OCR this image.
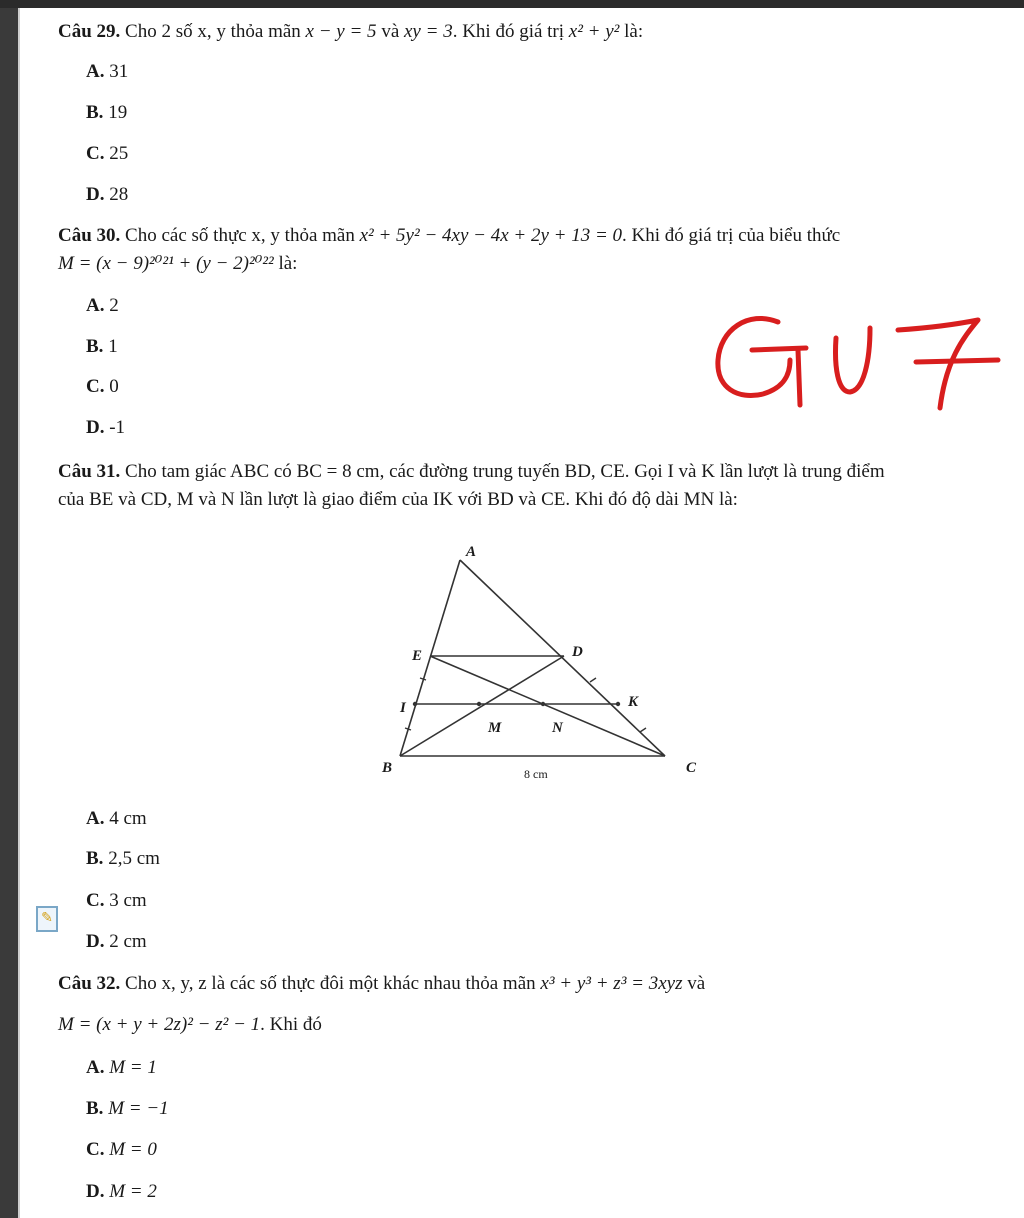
Câu 29. Cho 2 số x, y thỏa mãn x − y = 5 và xy = 3. Khi đó giá trị x² + y² là:
A. 31
B. 19
C. 25
D. 28
Câu 30. Cho các số thực x, y thỏa mãn x² + 5y² − 4xy − 4x + 2y + 13 = 0. Khi đó giá trị của biểu thức
M = (x − 9)²⁰²¹ + (y − 2)²⁰²² là:
A. 2
B. 1
C. 0
D. -1
Câu 31. Cho tam giác ABC có BC = 8 cm, các đường trung tuyến BD, CE. Gọi I và K lần lượt là trung điểm
của BE và CD, M và N lần lượt là giao điểm của IK với BD và CE. Khi đó độ dài MN là:
A
B	C
D
E
I	K
M	N
8 cm
A. 4 cm
B. 2,5 cm
C. 3 cm
D. 2 cm
✎
Câu 32. Cho x, y, z là các số thực đôi một khác nhau thỏa mãn x³ + y³ + z³ = 3xyz và
M = (x + y + 2z)² − z² − 1. Khi đó
A. M = 1
B. M = −1
C. M = 0
D. M = 2
